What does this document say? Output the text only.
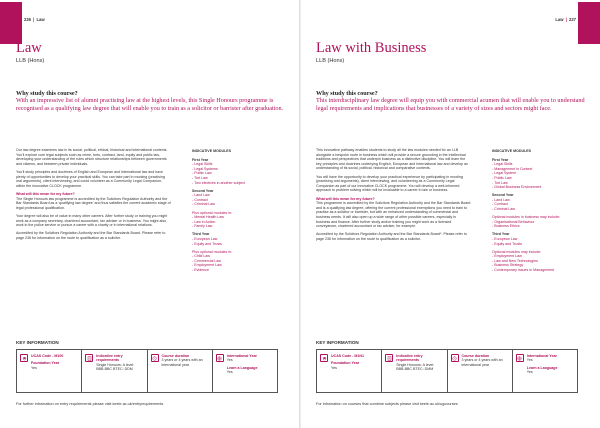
226 | Law
Law
LLB (Hons)
Why study this course?
With an impressive list of alumni practising law at the highest levels, this Single Honours programme is recognised as a qualifying law degree that will enable you to train as a solicitor or barrister after graduation.

Our law degree examines law in its social, political, ethical, historical and international contexts. You'll explore core legal subjects such as crime, torts, contract, land, equity and public law, developing your understanding of the rules which structure relationships between governments and citizens, and between private individuals.

You'll study principles and doctrines of English and European and International law and have plenty of opportunities to develop your practical skills. You can take part in mooting (practising oral arguments), client interviewing, and could volunteer as a Community Legal Companion, within the innovative CLOCK programme.

What will this mean for my future?

The Single Honours law programme is accredited by the Solicitors Regulation Authority and the Bar Standards Board as a 'qualifying law degree' and thus satisfies the current academic stage of legal professional qualification.

Your degree will also be of value in many other careers. After further study or training you might work as a company secretary, chartered accountant, tax adviser or in business. You might also work in the police service or pursue a career with a charity or in international relations.

Accredited by the Solicitors Regulation Authority and the Bar Standards Board. Please refer to page 236 for information on the route to qualification as a solicitor.

INDICATIVE MODULES
First Year
- Legal Skills
- Legal Systems
- Public Law
- Tort Law
- Two electives in another subject
Second Year
- Land Law
- Contract
- Criminal Law
Plus optional modules in:
- Mental Health Law
- Law in Action
- Family Law
Third Year
- European Law
- Equity and Trusts
Plus optional modules in:
- Child Law
- Commercial Law
- Employment Law
- Evidence
KEY INFORMATION
UCAS Code - M100
Foundation Year
Yes
Indicative entry requirements
Single Honours: A level: BBB-BBC BTEC: DDM
Course duration
3 years or 4 years with an international year
International Year
Yes
Learn a Language
Yes
For further information on entry requirements please visit keele.ac.uk/entryrequirements
Law | 227
Law with Business
LLB (Hons)
Why study this course?
This interdisciplinary law degree will equip you with commercial acumen that will enable you to understand legal requirements and implications that businesses of a variety of sizes and sectors might face.

This innovative pathway enables students to study all the law modules needed for an LLB alongside a bespoke route in business which will provide a secure grounding in the intellectual traditions and perspectives that underpin business as a distinctive discipline. You will learn the key principles and doctrines underlying English, European and International law and develop an understanding of its social, political, historical and comparative contexts.

You will have the opportunity to develop your practical experience by participating in mooting (practising oral arguments), client interviewing, and volunteering as a Community Legal Companion as part of our innovative CLOCK programme. You will develop a well-informed approach to problem solving which will be invaluable to a career in law or business.

What will this mean for my future?

This programme is accredited by the Solicitors Regulation Authority and the Bar Standards Board and is a qualifying law degree, offering the current professional exemptions you need to train to practise as a solicitor or barrister, but with an enhanced understanding of commercial and business needs. It will also open up a wide range of other possible careers, especially in business and finance. After further study and/or training you might work as a licensed conveyancer, chartered accountant or tax adviser, for example.

Accredited by the Solicitors Regulation Authority and the Bar Standards Board*. Please refer to page 236 for information on the route to qualification as a solicitor.

INDICATIVE MODULES
First Year
- Legal Skills
- Management in Context
- Legal System
- Public Law
- Tort Law
- Global Business Environment
Second Year
- Land Law
- Contract
- Criminal Law
Optional modules in business may include:
- Organisational Behaviour
- Business Ethics
Third Year
- European Law
- Equity and Trusts
Optional modules may include:
- Employment Law
- Law and New Technologies
- Business Strategy
- Contemporary Issues in Management
KEY INFORMATION
UCAS Code - M1N1
Foundation Year
Yes
Indicative entry requirements
Single Honours: A level: BBB-BBC BTEC: DMM
Course duration
3 years or 4 years with an international year
International Year
Yes
Learn a Language
Yes
For information on courses that combine subjects please visit keele.ac.uk/ugcourses
